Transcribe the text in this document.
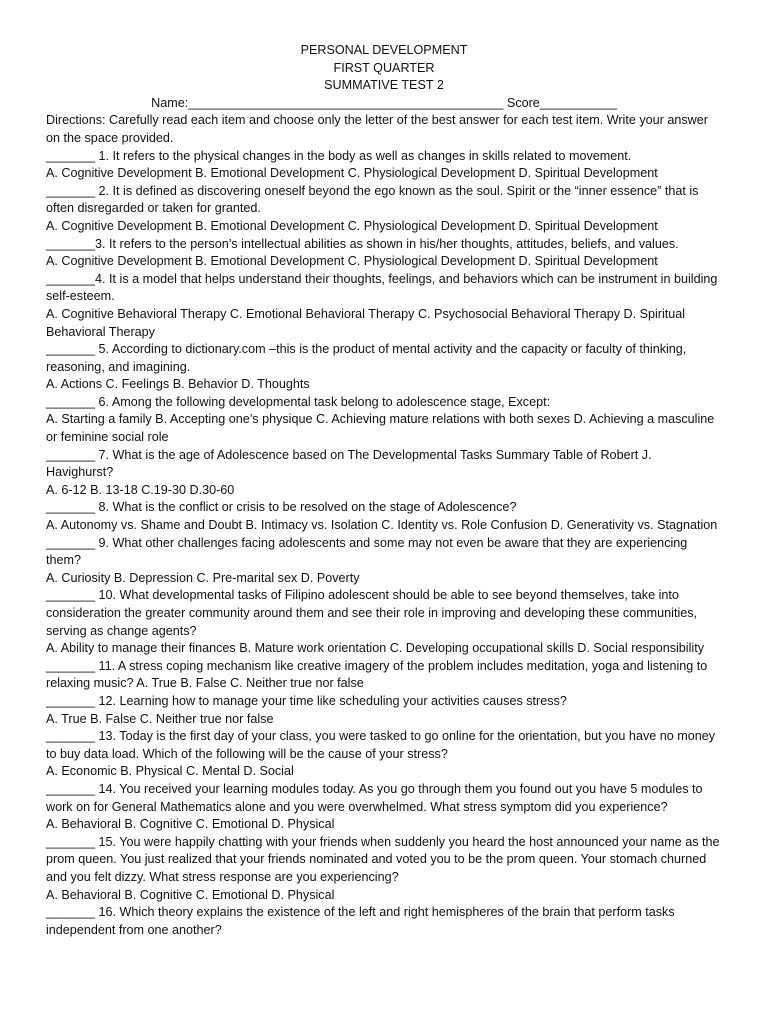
PERSONAL DEVELOPMENT
FIRST QUARTER
SUMMATIVE TEST 2
Name:_____________________________________________ Score___________
Directions: Carefully read each item and choose only the letter of the best answer for each test item. Write your answer on the space provided.
_______ 1. It refers to the physical changes in the body as well as changes in skills related to movement.
A. Cognitive Development B. Emotional Development C. Physiological Development D. Spiritual Development
_______ 2. It is defined as discovering oneself beyond the ego known as the soul. Spirit or the “inner essence” that is often disregarded or taken for granted.
A. Cognitive Development B. Emotional Development C. Physiological Development D. Spiritual Development
_______3. It refers to the person’s intellectual abilities as shown in his/her thoughts, attitudes, beliefs, and values.
A. Cognitive Development B. Emotional Development C. Physiological Development D. Spiritual Development
_______4. It is a model that helps understand their thoughts, feelings, and behaviors which can be instrument in building self-esteem.
A. Cognitive Behavioral Therapy C. Emotional Behavioral Therapy C. Psychosocial Behavioral Therapy D. Spiritual Behavioral Therapy
_______ 5. According to dictionary.com –this is the product of mental activity and the capacity or faculty of thinking, reasoning, and imagining.
A. Actions C. Feelings B. Behavior D. Thoughts
_______ 6. Among the following developmental task belong to adolescence stage, Except:
A. Starting a family B. Accepting one’s physique C. Achieving mature relations with both sexes D. Achieving a masculine or feminine social role
_______ 7. What is the age of Adolescence based on The Developmental Tasks Summary Table of Robert J. Havighurst?
A. 6-12 B. 13-18 C.19-30 D.30-60
_______ 8. What is the conflict or crisis to be resolved on the stage of Adolescence?
A. Autonomy vs. Shame and Doubt B. Intimacy vs. Isolation C. Identity vs. Role Confusion D. Generativity vs. Stagnation
_______ 9. What other challenges facing adolescents and some may not even be aware that they are experiencing them?
A. Curiosity B. Depression C. Pre-marital sex D. Poverty
_______ 10. What developmental tasks of Filipino adolescent should be able to see beyond themselves, take into consideration the greater community around them and see their role in improving and developing these communities, serving as change agents?
A. Ability to manage their finances B. Mature work orientation C. Developing occupational skills D. Social responsibility
_______ 11. A stress coping mechanism like creative imagery of the problem includes meditation, yoga and listening to relaxing music? A. True B. False C. Neither true nor false
_______ 12. Learning how to manage your time like scheduling your activities causes stress?
A. True B. False C. Neither true nor false
_______ 13. Today is the first day of your class, you were tasked to go online for the orientation, but you have no money to buy data load. Which of the following will be the cause of your stress?
A. Economic B. Physical C. Mental D. Social
_______ 14. You received your learning modules today. As you go through them you found out you have 5 modules to work on for General Mathematics alone and you were overwhelmed. What stress symptom did you experience?
A. Behavioral B. Cognitive C. Emotional D. Physical
_______ 15. You were happily chatting with your friends when suddenly you heard the host announced your name as the prom queen. You just realized that your friends nominated and voted you to be the prom queen. Your stomach churned and you felt dizzy. What stress response are you experiencing?
A. Behavioral B. Cognitive C. Emotional D. Physical
_______ 16. Which theory explains the existence of the left and right hemispheres of the brain that perform tasks independent from one another?
